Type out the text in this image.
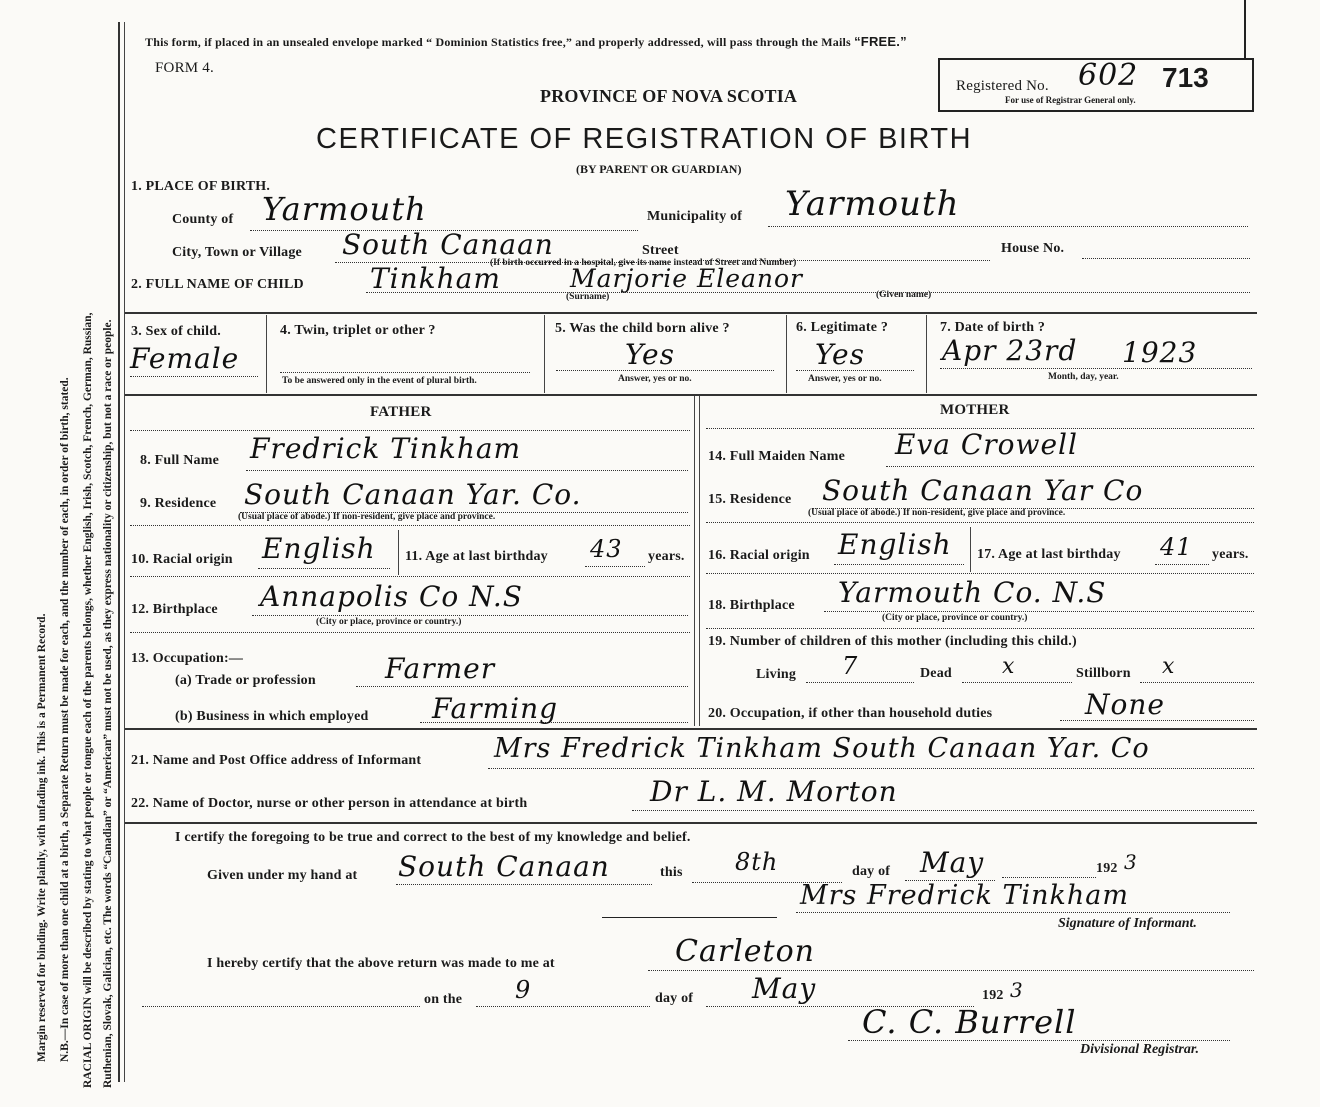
Margin reserved for binding. Write plainly, with unfading ink. This is a Permanent Record. N.B.—In case of more than one child at a birth, a Separate Return must be made for each, and the number of each, in order of birth, stated. RACIAL ORIGIN will be described by stating to what people or tongue each of the parents belongs, whether English, Irish, Scotch, French, German, Russian, Ruthenian, Slovak, Galician, etc. The words “Canadian” or “American” must not be used, as they express nationality or citizenship, but not a race or people.
This form, if placed in an unsealed envelope marked “ Dominion Statistics free,” and properly addressed, will pass through the Mails “FREE.”
FORM 4.
PROVINCE OF NOVA SCOTIA	Registered No. 602 713
For use of Registrar General only.
CERTIFICATE OF REGISTRATION OF BIRTH
(BY PARENT OR GUARDIAN)
1. PLACE OF BIRTH.
County of Yarmouth	Municipality of Yarmouth
City, Town or Village South Canaan	Street	House No.
(If birth occurred in a hospital, give its name instead of Street and Number)
2. FULL NAME OF CHILD Tinkham	Marjorie Eleanor
(Surname)	(Given name)
3. Sex of child.
Female
4. Twin, triplet or other ?
To be answered only in the event of plural birth.
5. Was the child born alive ?
Yes
Answer, yes or no.
6. Legitimate ?
Yes
Answer, yes or no.
7. Date of birth ?
Apr 23rd 1923
Month, day, year.
FATHER
8. Full Name Fredrick Tinkham
9. Residence South Canaan Yar. Co.
(Usual place of abode.) If non-resident, give place and province.
10. Racial origin English 11. Age at last birthday 43 years.
12. Birthplace Annapolis Co N.S
(City or place, province or country.)
13. Occupation:—
(a) Trade or profession Farmer
(b) Business in which employed Farming
MOTHER
14. Full Maiden Name Eva Crowell
15. Residence South Canaan Yar Co
(Usual place of abode.) If non-resident, give place and province.
16. Racial origin English 17. Age at last birthday 41 years.
18. Birthplace Yarmouth Co. N.S
(City or place, province or country.)
19. Number of children of this mother (including this child.)
Living 7	Dead x	Stillborn x
20. Occupation, if other than household duties	None
21. Name and Post Office address of Informant	Mrs Fredrick Tinkham South Canaan Yar. Co
22. Name of Doctor, nurse or other person in attendance at birth	Dr L. M. Morton
I certify the foregoing to be true and correct to the best of my knowledge and belief.
Given under my hand at South Canaan	this 8th	day of May	192 3
Mrs Fredrick Tinkham
Signature of Informant.
I hereby certify that the above return was made to me at	Carleton
on the 9	day of May	192 3
C. C. Burrell
Divisional Registrar.
